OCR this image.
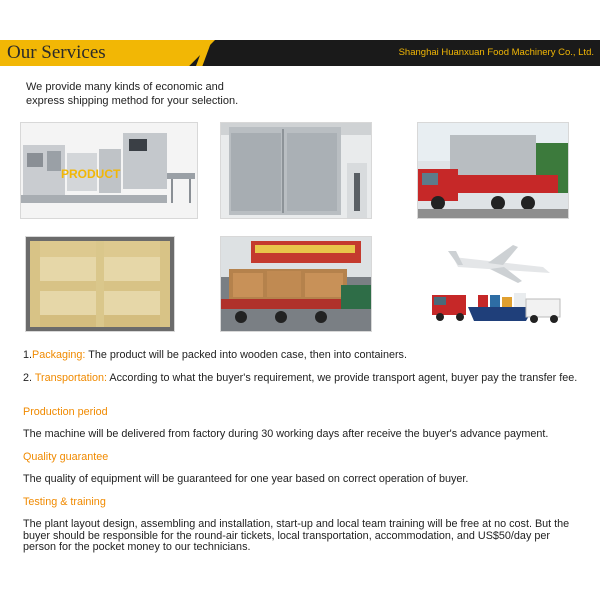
Our Services	Shanghai Huanxuan Food Machinery Co., Ltd.
We provide many kinds of economic and
express shipping method for your selection.
PRODUCT
1.Packaging: The product will be packed into wooden case, then into containers.
2. Transportation: According to what the buyer's requirement, we provide transport agent, buyer pay the transfer fee.
Production period
The machine will be delivered from factory during 30 working days after receive the buyer's advance payment.
Quality guarantee
The quality of equipment will be guaranteed for one year based on correct operation of buyer.
Testing & training
The plant layout design, assembling and installation, start-up and local team training will be free at no cost. But the buyer should be responsible for the round-air tickets, local transportation, accommodation, and US$50/day per person for the pocket money to our technicians.
